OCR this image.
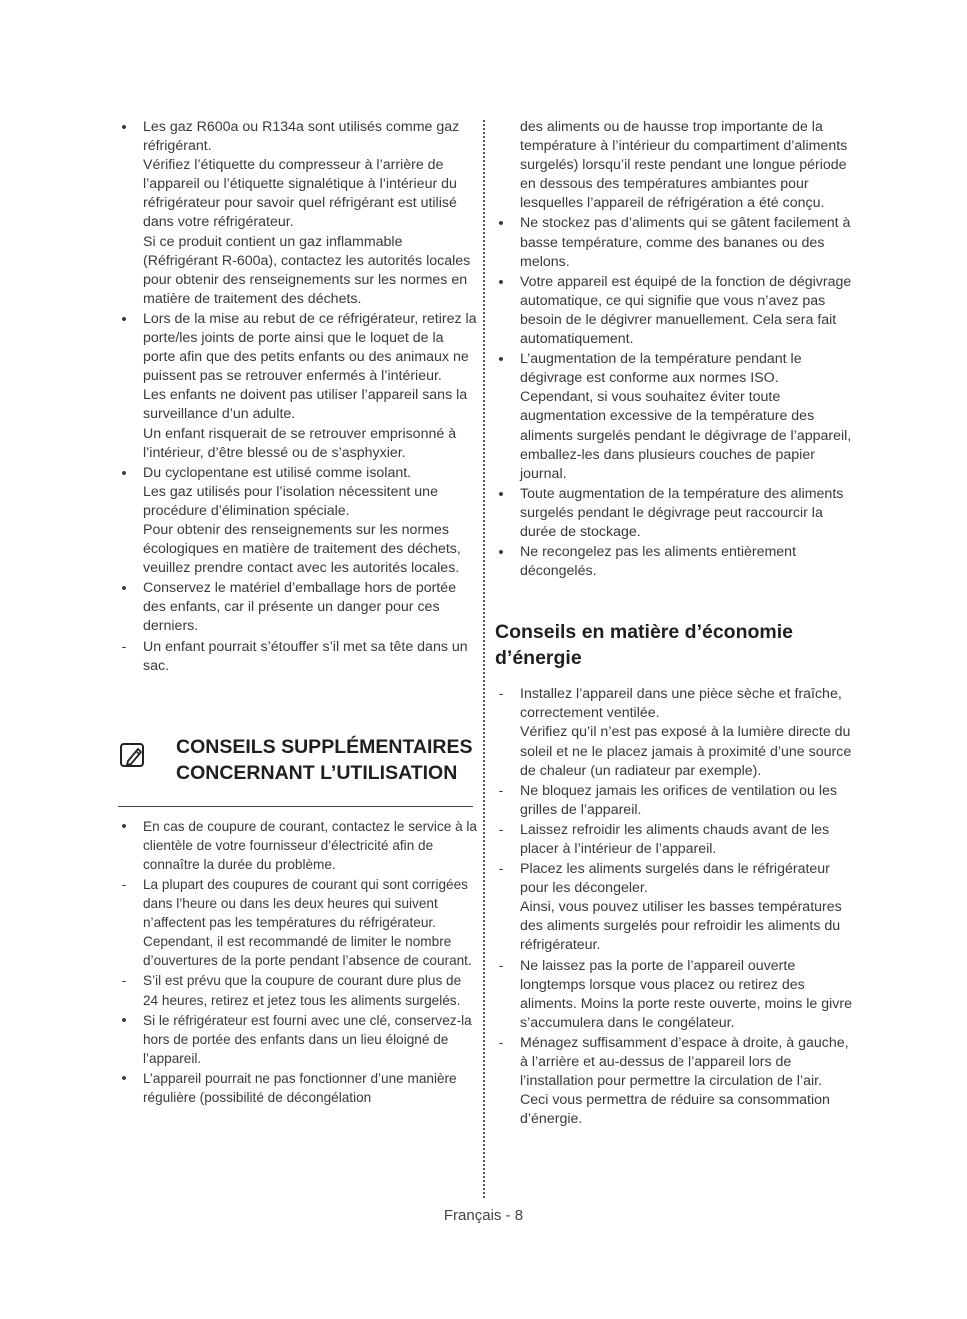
• Les gaz R600a ou R134a sont utilisés comme gaz réfrigérant.

Vérifiez l’étiquette du compresseur à l’arrière de l’appareil ou l’étiquette signalétique à l’intérieur du réfrigérateur pour savoir quel réfrigérant est utilisé dans votre réfrigérateur.

Si ce produit contient un gaz inflammable (Réfrigérant R-600a), contactez les autorités locales pour obtenir des renseignements sur les normes en matière de traitement des déchets.

• Lors de la mise au rebut de ce réfrigérateur, retirez la porte/les joints de porte ainsi que le loquet de la porte afin que des petits enfants ou des animaux ne puissent pas se retrouver enfermés à l’intérieur.

Les enfants ne doivent pas utiliser l’appareil sans la surveillance d’un adulte.

Un enfant risquerait de se retrouver emprisonné à l’intérieur, d’être blessé ou de s’asphyxier.

• Du cyclopentane est utilisé comme isolant.

Les gaz utilisés pour l’isolation nécessitent une procédure d’élimination spéciale.

Pour obtenir des renseignements sur les normes écologiques en matière de traitement des déchets, veuillez prendre contact avec les autorités locales.

• Conservez le matériel d’emballage hors de portée des enfants, car il présente un danger pour ces derniers.

- Un enfant pourrait s’étouffer s’il met sa tête dans un sac.

CONSEILS SUPPLÉMENTAIRES
CONCERNANT L’UTILISATION
• En cas de coupure de courant, contactez le service à la clientèle de votre fournisseur d’électricité afin de connaître la durée du problème.

- La plupart des coupures de courant qui sont corrigées dans l’heure ou dans les deux heures qui suivent n’affectent pas les températures du réfrigérateur.

Cependant, il est recommandé de limiter le nombre d’ouvertures de la porte pendant l’absence de courant.

- S’il est prévu que la coupure de courant dure plus de 24 heures, retirez et jetez tous les aliments surgelés.

• Si le réfrigérateur est fourni avec une clé, conservez-la hors de portée des enfants dans un lieu éloigné de l’appareil.

• L’appareil pourrait ne pas fonctionner d’une manière régulière (possibilité de décongélation

des aliments ou de hausse trop importante de la température à l’intérieur du compartiment d’aliments surgelés) lorsqu’il reste pendant une longue période en dessous des températures ambiantes pour lesquelles l’appareil de réfrigération a été conçu.

• Ne stockez pas d’aliments qui se gâtent facilement à basse température, comme des bananes ou des melons.

• Votre appareil est équipé de la fonction de dégivrage automatique, ce qui signifie que vous n’avez pas besoin de le dégivrer manuellement. Cela sera fait automatiquement.

• L’augmentation de la température pendant le dégivrage est conforme aux normes ISO. Cependant, si vous souhaitez éviter toute augmentation excessive de la température des aliments surgelés pendant le dégivrage de l’appareil, emballez-les dans plusieurs couches de papier journal.

• Toute augmentation de la température des aliments surgelés pendant le dégivrage peut raccourcir la durée de stockage.

• Ne recongelez pas les aliments entièrement décongelés.

Conseils en matière d’économie
d’énergie
- Installez l’appareil dans une pièce sèche et fraîche, correctement ventilée.

Vérifiez qu’il n’est pas exposé à la lumière directe du soleil et ne le placez jamais à proximité d’une source de chaleur (un radiateur par exemple).

- Ne bloquez jamais les orifices de ventilation ou les grilles de l’appareil.

- Laissez refroidir les aliments chauds avant de les placer à l’intérieur de l’appareil.

- Placez les aliments surgelés dans le réfrigérateur pour les décongeler.

Ainsi, vous pouvez utiliser les basses températures des aliments surgelés pour refroidir les aliments du réfrigérateur.

- Ne laissez pas la porte de l’appareil ouverte longtemps lorsque vous placez ou retirez des aliments. Moins la porte reste ouverte, moins le givre s’accumulera dans le congélateur.

- Ménagez suffisamment d’espace à droite, à gauche, à l’arrière et au-dessus de l’appareil lors de l’installation pour permettre la circulation de l’air. Ceci vous permettra de réduire sa consommation d’énergie.

Français - 8
